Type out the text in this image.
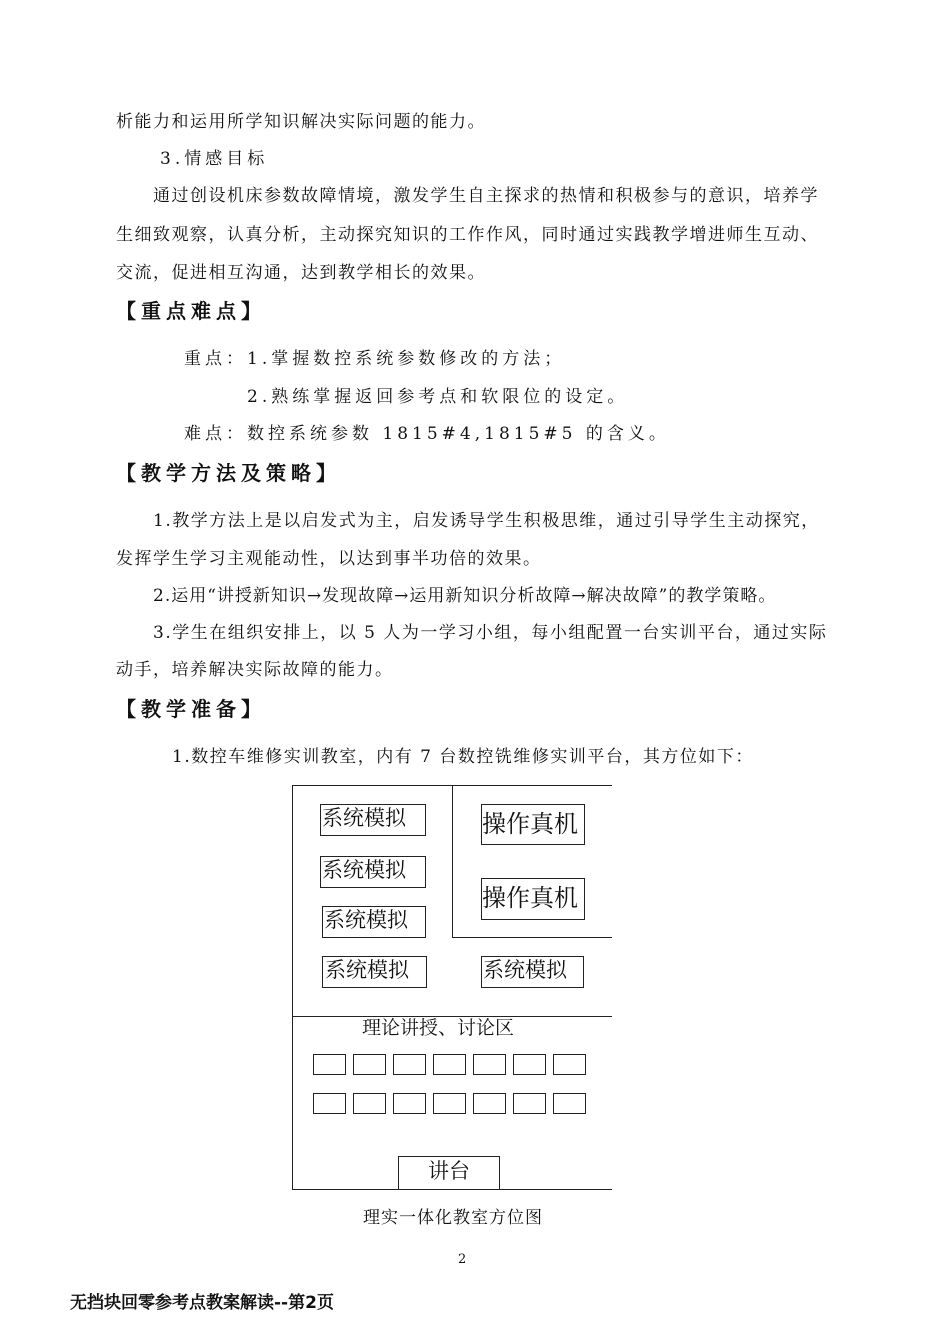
析能力和运用所学知识解决实际问题的能力。
3.情感目标
通过创设机床参数故障情境，激发学生自主探求的热情和积极参与的意识，培养学
生细致观察，认真分析，主动探究知识的工作作风，同时通过实践教学增进师生互动、
交流，促进相互沟通，达到教学相长的效果。
【重点难点】
重点：1.掌握数控系统参数修改的方法；
2.熟练掌握返回参考点和软限位的设定。
难点：数控系统参数 1815#4,1815#5 的含义。
【教学方法及策略】
1.教学方法上是以启发式为主，启发诱导学生积极思维，通过引导学生主动探究，
发挥学生学习主观能动性，以达到事半功倍的效果。
2.运用“讲授新知识→发现故障→运用新知识分析故障→解决故障”的教学策略。
3.学生在组织安排上，以 5 人为一学习小组，每小组配置一台实训平台，通过实际
动手，培养解决实际故障的能力。
【教学准备】
1.数控车维修实训教室，内有 7 台数控铣维修实训平台，其方位如下：
系统模拟
系统模拟
系统模拟
系统模拟	系统模拟
操作真机
操作真机
理论讲授、讨论区
讲台
理实一体化教室方位图
2
无挡块回零参考点教案解读--第2页
